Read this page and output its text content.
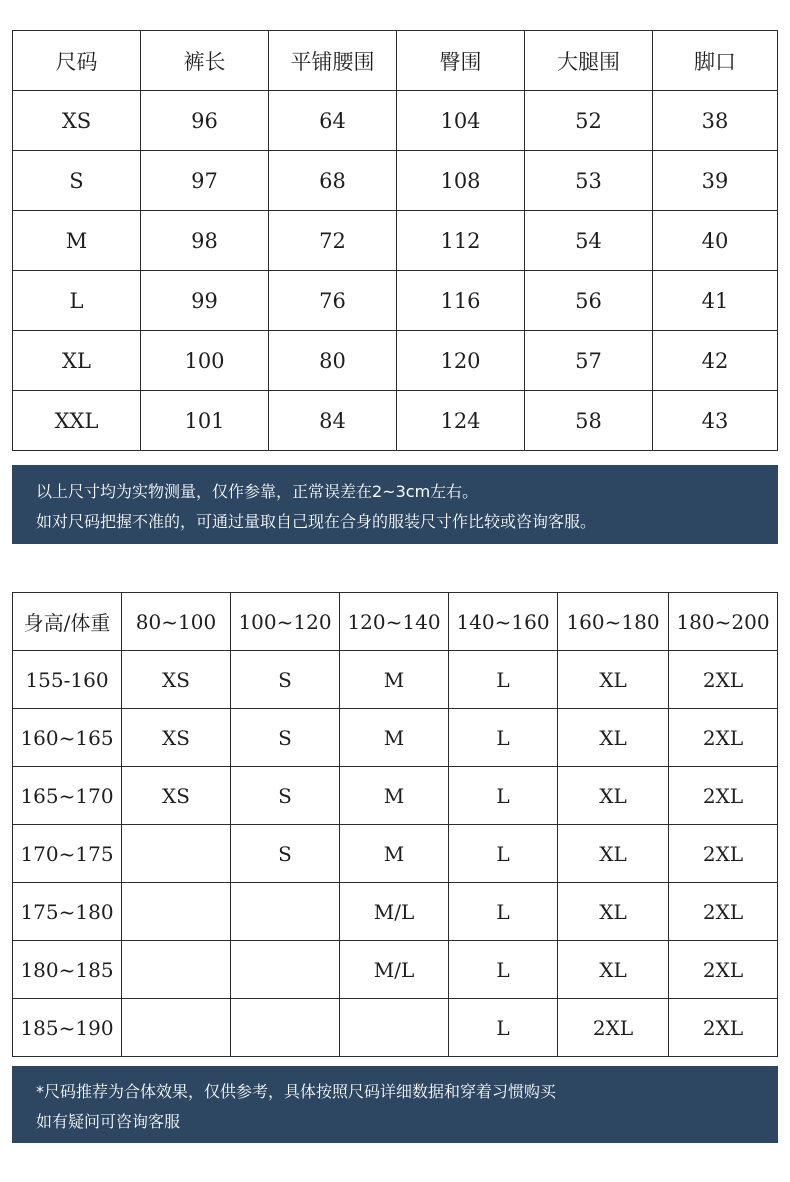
尺码	裤长	平铺腰围	臀围	大腿围	脚口
XS	96	64	104	52	38
S	97	68	108	53	39
M	98	72	112	54	40
L	99	76	116	56	41
XL	100	80	120	57	42
XXL	101	84	124	58	43
以上尺寸均为实物测量，仅作参靠，正常误差在2~3cm左右。
如对尺码把握不准的，可通过量取自己现在合身的服装尺寸作比较或咨询客服。
身高/体重	80~100	100~120	120~140	140~160	160~180	180~200
155-160	XS	S	M	L	XL	2XL
160~165	XS	S	M	L	XL	2XL
165~170	XS	S	M	L	XL	2XL
170~175		S	M	L	XL	2XL
175~180			M/L	L	XL	2XL
180~185			M/L	L	XL	2XL
185~190				L	2XL	2XL
*尺码推荐为合体效果，仅供参考，具体按照尺码详细数据和穿着习惯购买
如有疑问可咨询客服
